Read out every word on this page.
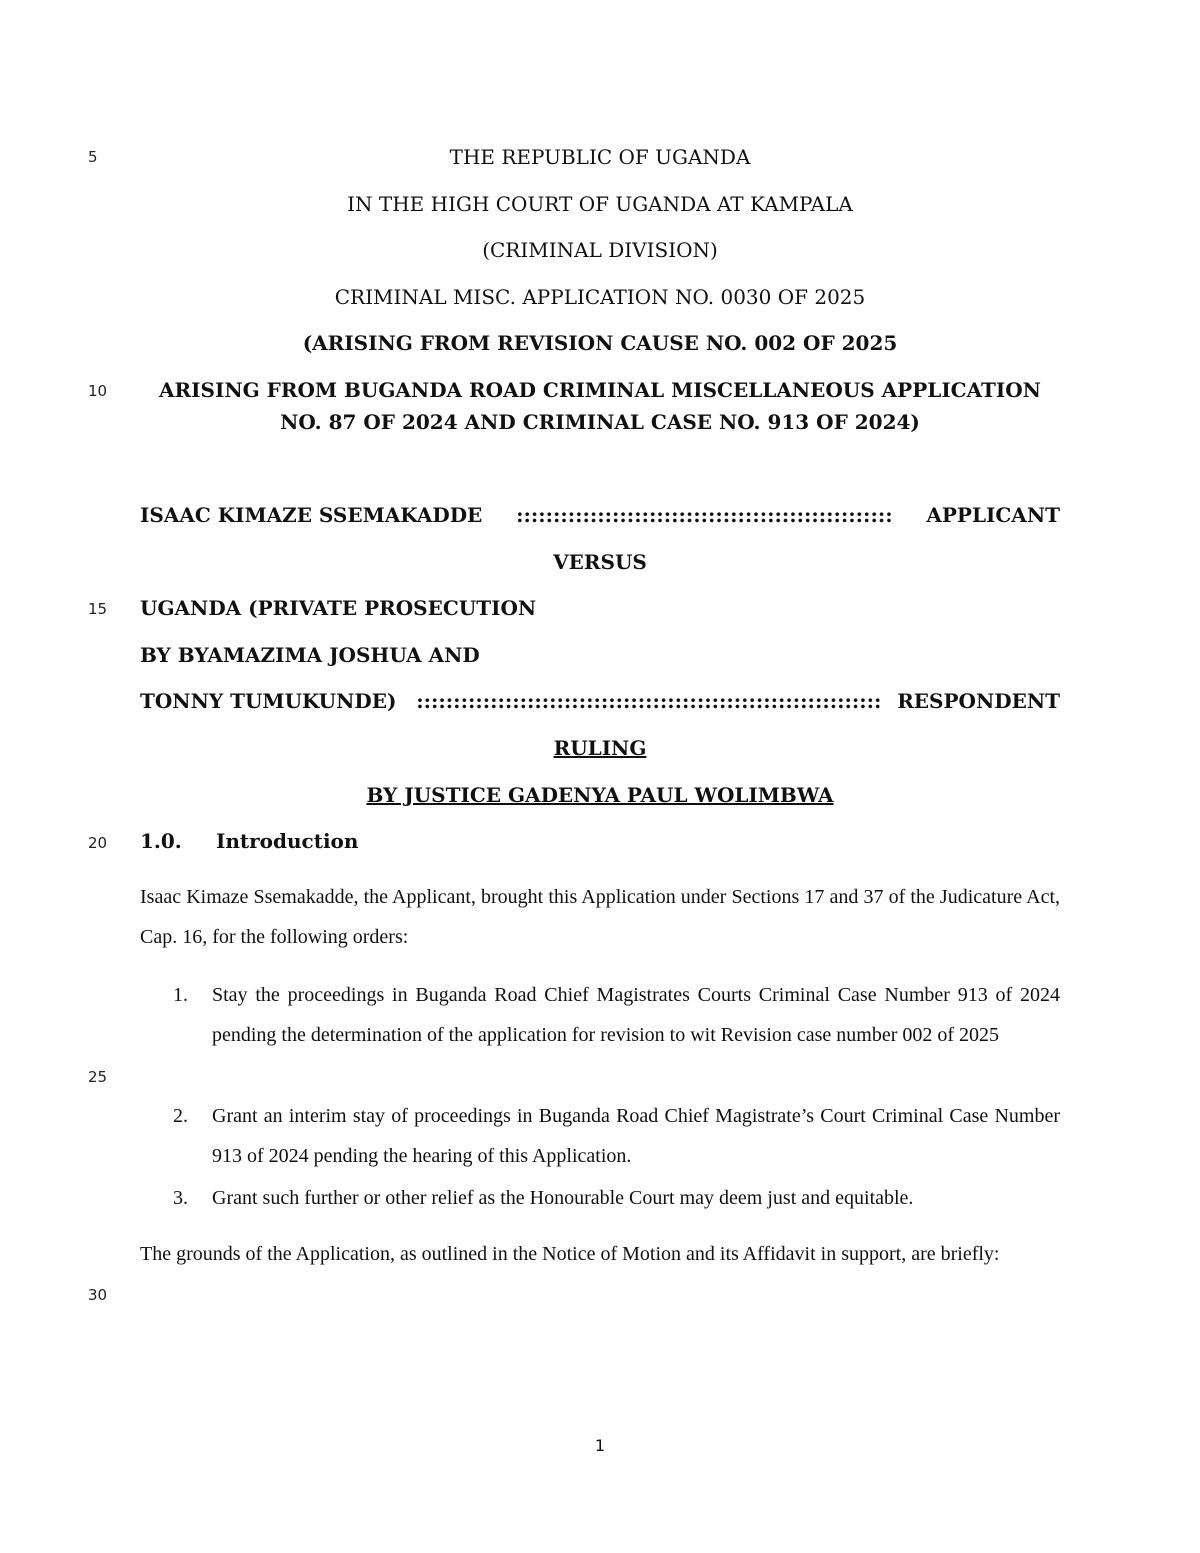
5
10
15
20
25
30
THE REPUBLIC OF UGANDA
IN THE HIGH COURT OF UGANDA AT KAMPALA
(CRIMINAL DIVISION)
CRIMINAL MISC. APPLICATION NO. 0030 OF 2025
(ARISING FROM REVISION CAUSE NO. 002 OF 2025
ARISING FROM BUGANDA ROAD CRIMINAL MISCELLANEOUS APPLICATION
NO. 87 OF 2024 AND CRIMINAL CASE NO. 913 OF 2024)
ISAAC KIMAZE SSEMAKADDE	:::::::::::::::::::::::::::::::::::::::::::::::::::	APPLICANT
VERSUS
UGANDA (PRIVATE PROSECUTION
BY BYAMAZIMA JOSHUA AND
TONNY TUMUKUNDE) ::::::::::::::::::::::::::::::::::::::::::::::::::::::::::::::: RESPONDENT
RULING
BY JUSTICE GADENYA PAUL WOLIMBWA
1.0. Introduction
Isaac Kimaze Ssemakadde, the Applicant, brought this Application under Sections 17 and 37 of the Judicature Act, Cap. 16, for the following orders:
1.	Stay the proceedings in Buganda Road Chief Magistrates Courts Criminal Case Number 913 of 2024 pending the determination of the application for revision to wit Revision case number 002 of 2025
2.	Grant an interim stay of proceedings in Buganda Road Chief Magistrate’s Court Criminal Case Number 913 of 2024 pending the hearing of this Application.
3.	Grant such further or other relief as the Honourable Court may deem just and equitable.
The grounds of the Application, as outlined in the Notice of Motion and its Affidavit in support, are briefly:
1
